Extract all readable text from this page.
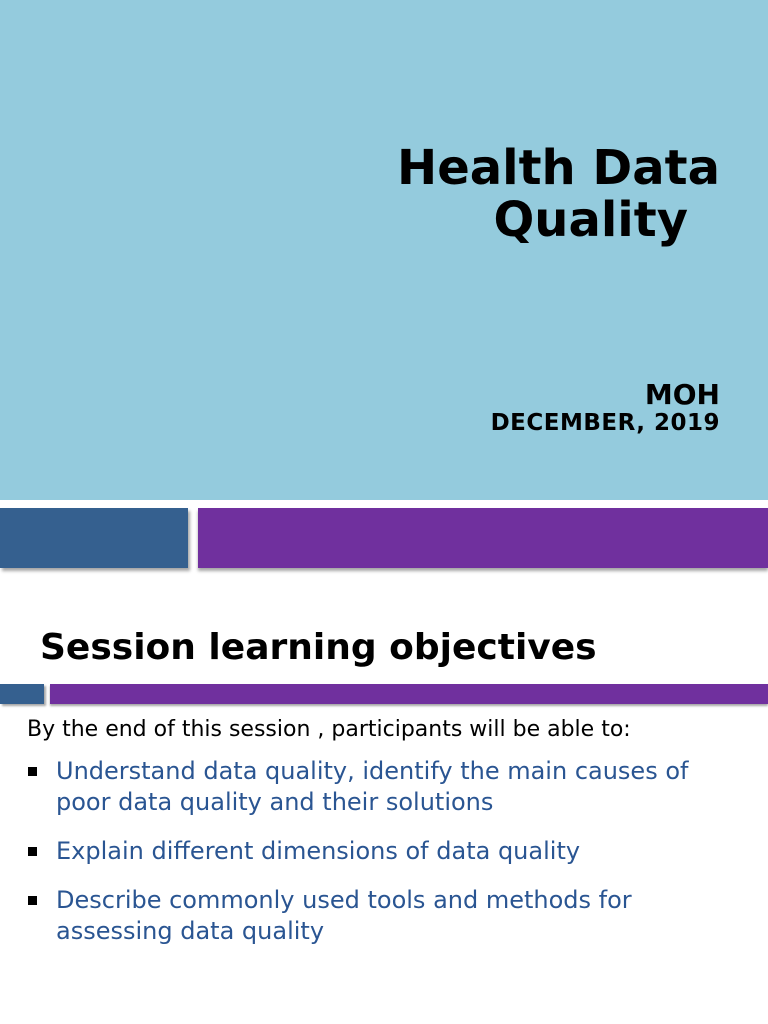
Health Data
Quality
MOH
DECEMBER, 2019
Session learning objectives

By the end of this session , participants will be able to:

Understand data quality, identify the main causes of poor data quality and their solutions
Explain different dimensions of data quality
Describe commonly used tools and methods for assessing data quality
